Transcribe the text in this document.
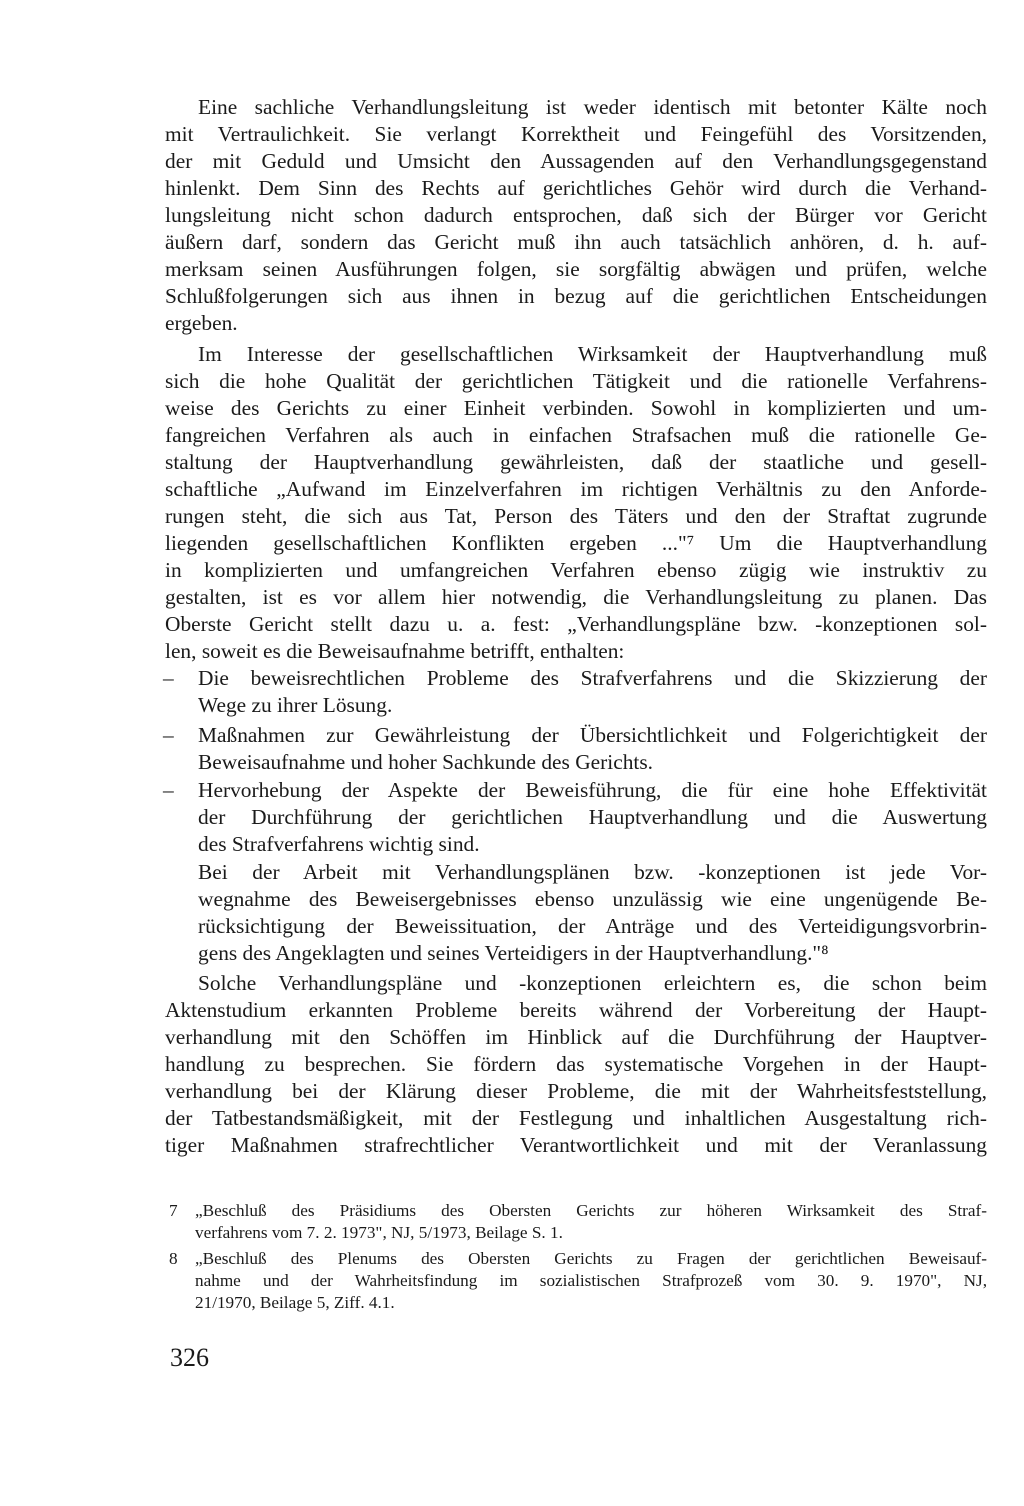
Eine sachliche Verhandlungsleitung ist weder identisch mit betonter Kälte noch
mit Vertraulichkeit. Sie verlangt Korrektheit und Feingefühl des Vorsitzenden,
der mit Geduld und Umsicht den Aussagenden auf den Verhandlungsgegenstand
hinlenkt. Dem Sinn des Rechts auf gerichtliches Gehör wird durch die Verhand-
lungsleitung nicht schon dadurch entsprochen, daß sich der Bürger vor Gericht
äußern darf, sondern das Gericht muß ihn auch tatsächlich anhören, d. h. auf-
merksam seinen Ausführungen folgen, sie sorgfältig abwägen und prüfen, welche
Schlußfolgerungen sich aus ihnen in bezug auf die gerichtlichen Entscheidungen
ergeben.
Im Interesse der gesellschaftlichen Wirksamkeit der Hauptverhandlung muß
sich die hohe Qualität der gerichtlichen Tätigkeit und die rationelle Verfahrens-
weise des Gerichts zu einer Einheit verbinden. Sowohl in komplizierten und um-
fangreichen Verfahren als auch in einfachen Strafsachen muß die rationelle Ge-
staltung der Hauptverhandlung gewährleisten, daß der staatliche und gesell-
schaftliche „Aufwand im Einzelverfahren im richtigen Verhältnis zu den Anforde-
rungen steht, die sich aus Tat, Person des Täters und den der Straftat zugrunde
liegenden gesellschaftlichen Konflikten ergeben ..."⁷ Um die Hauptverhandlung
in komplizierten und umfangreichen Verfahren ebenso zügig wie instruktiv zu
gestalten, ist es vor allem hier notwendig, die Verhandlungsleitung zu planen. Das
Oberste Gericht stellt dazu u. a. fest: „Verhandlungspläne bzw. -konzeptionen sol-
len, soweit es die Beweisaufnahme betrifft, enthalten:
– Die beweisrechtlichen Probleme des Strafverfahrens und die Skizzierung der
Wege zu ihrer Lösung.
– Maßnahmen zur Gewährleistung der Übersichtlichkeit und Folgerichtigkeit der
Beweisaufnahme und hoher Sachkunde des Gerichts.
– Hervorhebung der Aspekte der Beweisführung, die für eine hohe Effektivität
der Durchführung der gerichtlichen Hauptverhandlung und die Auswertung
des Strafverfahrens wichtig sind.
Bei der Arbeit mit Verhandlungsplänen bzw. -konzeptionen ist jede Vor-
wegnahme des Beweisergebnisses ebenso unzulässig wie eine ungenügende Be-
rücksichtigung der Beweissituation, der Anträge und des Verteidigungsvorbrin-
gens des Angeklagten und seines Verteidigers in der Hauptverhandlung."⁸
Solche Verhandlungspläne und -konzeptionen erleichtern es, die schon beim
Aktenstudium erkannten Probleme bereits während der Vorbereitung der Haupt-
verhandlung mit den Schöffen im Hinblick auf die Durchführung der Hauptver-
handlung zu besprechen. Sie fördern das systematische Vorgehen in der Haupt-
verhandlung bei der Klärung dieser Probleme, die mit der Wahrheitsfeststellung,
der Tatbestandsmäßigkeit, mit der Festlegung und inhaltlichen Ausgestaltung rich-
tiger Maßnahmen strafrechtlicher Verantwortlichkeit und mit der Veranlassung
7 „Beschluß des Präsidiums des Obersten Gerichts zur höheren Wirksamkeit des Straf-
verfahrens vom 7. 2. 1973", NJ, 5/1973, Beilage S. 1.
8 „Beschluß des Plenums des Obersten Gerichts zu Fragen der gerichtlichen Beweisauf-
nahme und der Wahrheitsfindung im sozialistischen Strafprozeß vom 30. 9. 1970", NJ,
21/1970, Beilage 5, Ziff. 4.1.
326
